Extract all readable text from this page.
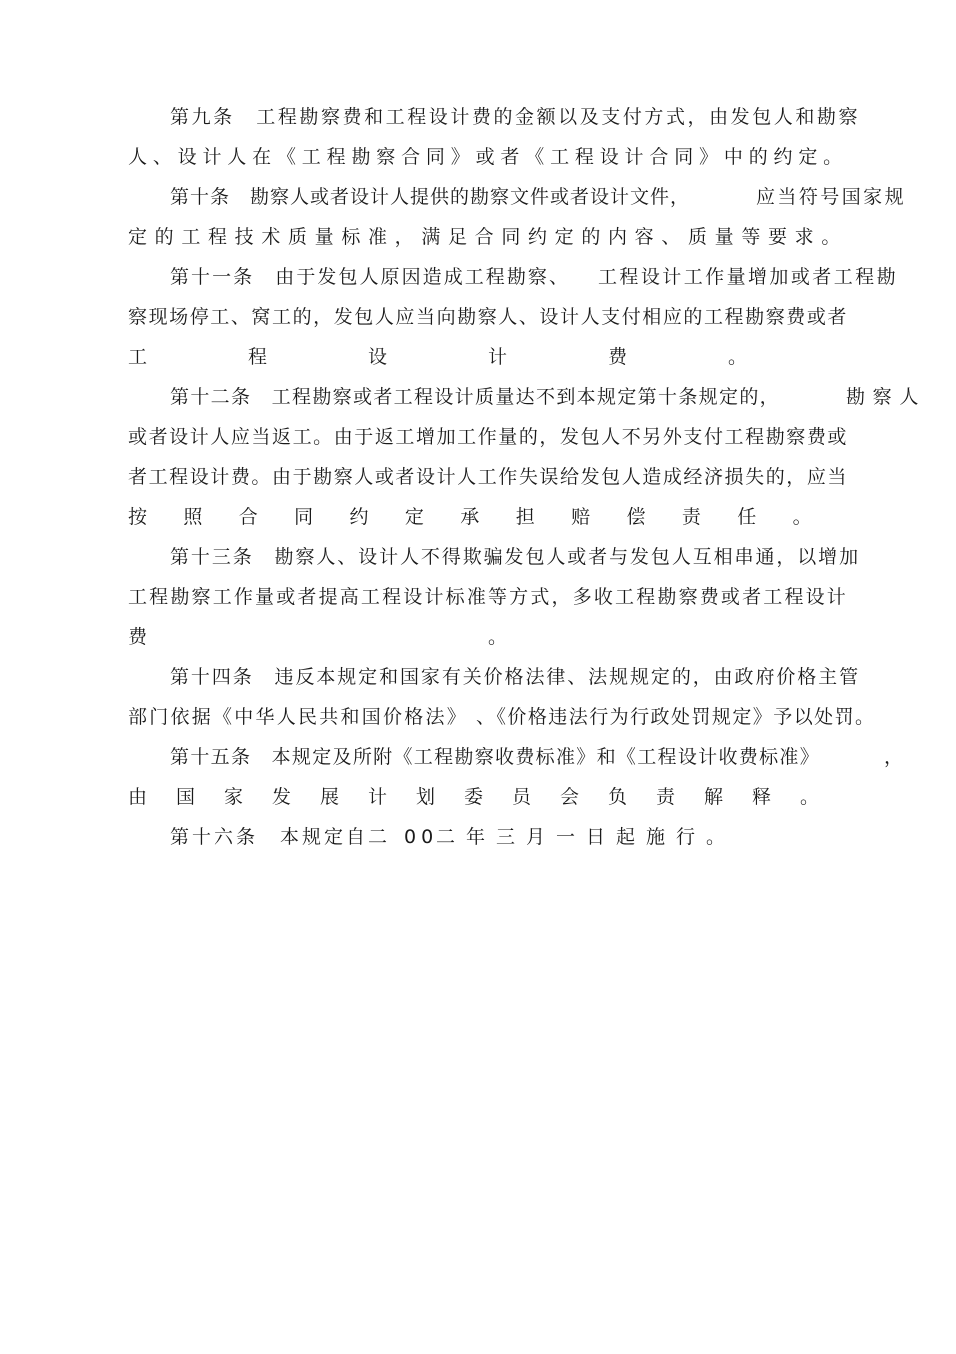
第九条　工程勘察费和工程设计费的金额以及支付方式，由发包人和勘察
人、设计人在《工程勘察合同》或者《工程设计合同》中的约定。
第十条　勘察人或者设计人提供的勘察文件或者设计文件，	应当符号国家规
定的工程技术质量标准，满足合同约定的内容、质量等要求。
第十一条　由于发包人原因造成工程勘察、 工程设计工作量增加或者工程勘
察现场停工、窝工的，发包人应当向勘察人、设计人支付相应的工程勘察费或者
工程设计费。
第十二条　工程勘察或者工程设计质量达不到本规定第十条规定的，	勘察人
或者设计人应当返工。由于返工增加工作量的，发包人不另外支付工程勘察费或
者工程设计费。由于勘察人或者设计人工作失误给发包人造成经济损失的，应当
按照合同约定承担赔偿责任。
第十三条　勘察人、设计人不得欺骗发包人或者与发包人互相串通，以增加
工程勘察工作量或者提高工程设计标准等方式，多收工程勘察费或者工程设计
费。
第十四条　违反本规定和国家有关价格法律、法规规定的，由政府价格主管
部门依据《中华人民共和国价格法》 、《价格违法行为行政处罚规定》予以处罚。
第十五条　本规定及所附《工程勘察收费标准》和《工程设计收费标准》	，
由国家发展计划委员会负责解释。
第十六条　本规定自二 00
二年三月一日起施行。
